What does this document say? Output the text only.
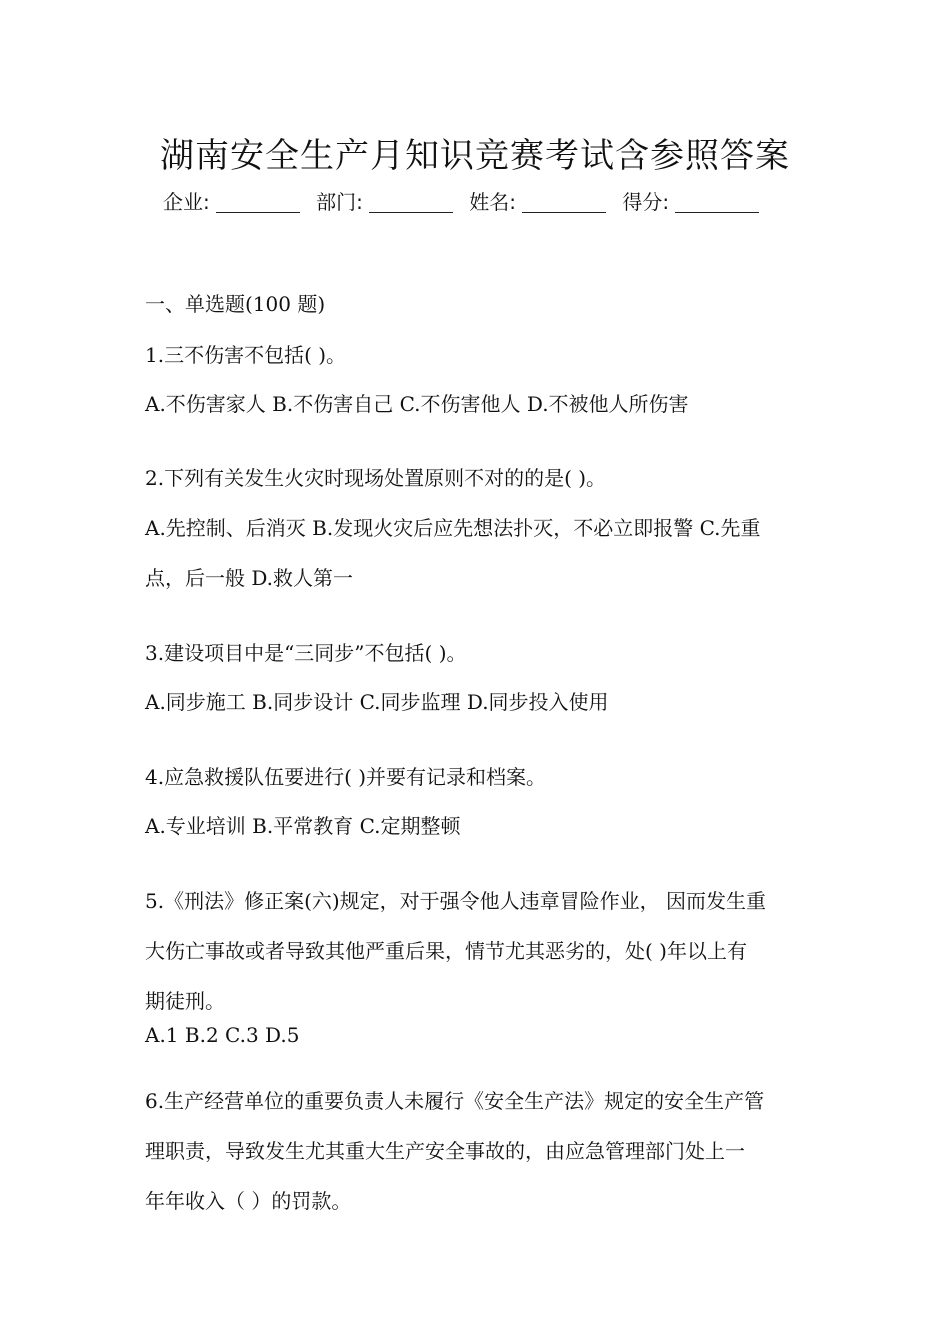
湖南安全生产月知识竞赛考试含参照答案
企业:	部门:	姓名:	得分:
一、单选题(100 题)
1.三不伤害不包括( )。
A.不伤害家人 B.不伤害自己 C.不伤害他人 D.不被他人所伤害
2.下列有关发生火灾时现场处置原则不对的的是( )。
A.先控制、后消灭 B.发现火灾后应先想法扑灭，不必立即报警 C.先重
点，后一般 D.救人第一
3.建设项目中是“三同步”不包括( )。
A.同步施工 B.同步设计 C.同步监理 D.同步投入使用
4.应急救援队伍要进行( )并要有记录和档案。
A.专业培训 B.平常教育 C.定期整顿
5.《刑法》修正案(六)规定，对于强令他人违章冒险作业， 因而发生重
大伤亡事故或者导致其他严重后果，情节尤其恶劣的，处( )年以上有
期徒刑。
A.1 B.2 C.3 D.5
6.生产经营单位的重要负责人未履行《安全生产法》规定的安全生产管
理职责，导致发生尤其重大生产安全事故的，由应急管理部门处上一
年年收入（ ）的罚款。
